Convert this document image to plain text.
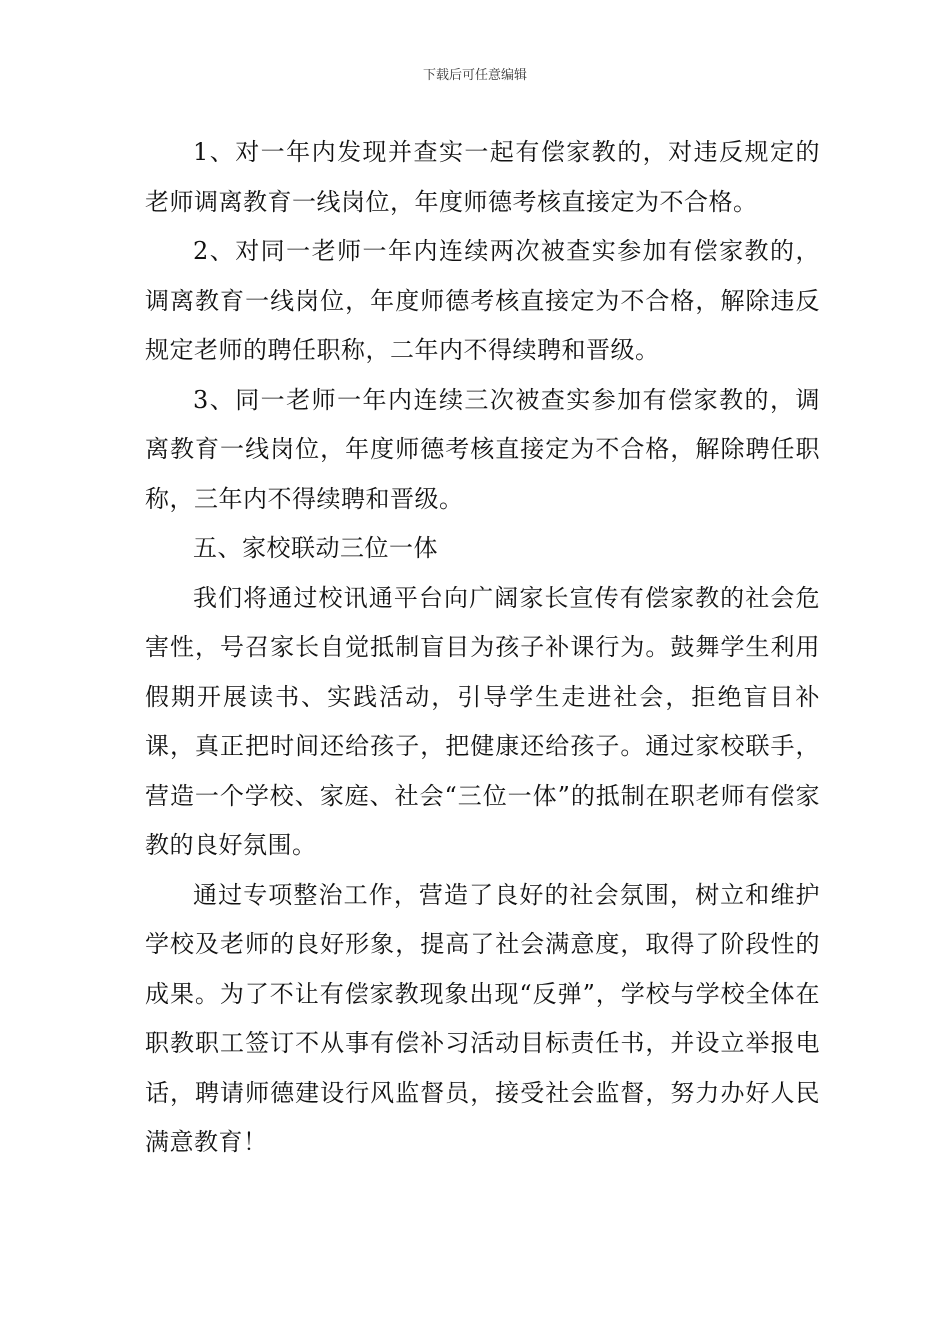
下载后可任意编辑

1、对一年内发现并查实一起有偿家教的，对违反规定的老师调离教育一线岗位，年度师德考核直接定为不合格。

2、对同一老师一年内连续两次被查实参加有偿家教的，调离教育一线岗位，年度师德考核直接定为不合格，解除违反规定老师的聘任职称，二年内不得续聘和晋级。

3、同一老师一年内连续三次被查实参加有偿家教的，调离教育一线岗位，年度师德考核直接定为不合格，解除聘任职称，三年内不得续聘和晋级。

五、家校联动三位一体

我们将通过校讯通平台向广阔家长宣传有偿家教的社会危害性，号召家长自觉抵制盲目为孩子补课行为。鼓舞学生利用假期开展读书、实践活动，引导学生走进社会，拒绝盲目补课，真正把时间还给孩子，把健康还给孩子。通过家校联手，营造一个学校、家庭、社会“三位一体”的抵制在职老师有偿家教的良好氛围。

通过专项整治工作，营造了良好的社会氛围，树立和维护学校及老师的良好形象，提高了社会满意度，取得了阶段性的成果。为了不让有偿家教现象出现“反弹”，学校与学校全体在职教职工签订不从事有偿补习活动目标责任书，并设立举报电话，聘请师德建设行风监督员，接受社会监督，努力办好人民满意教育！
